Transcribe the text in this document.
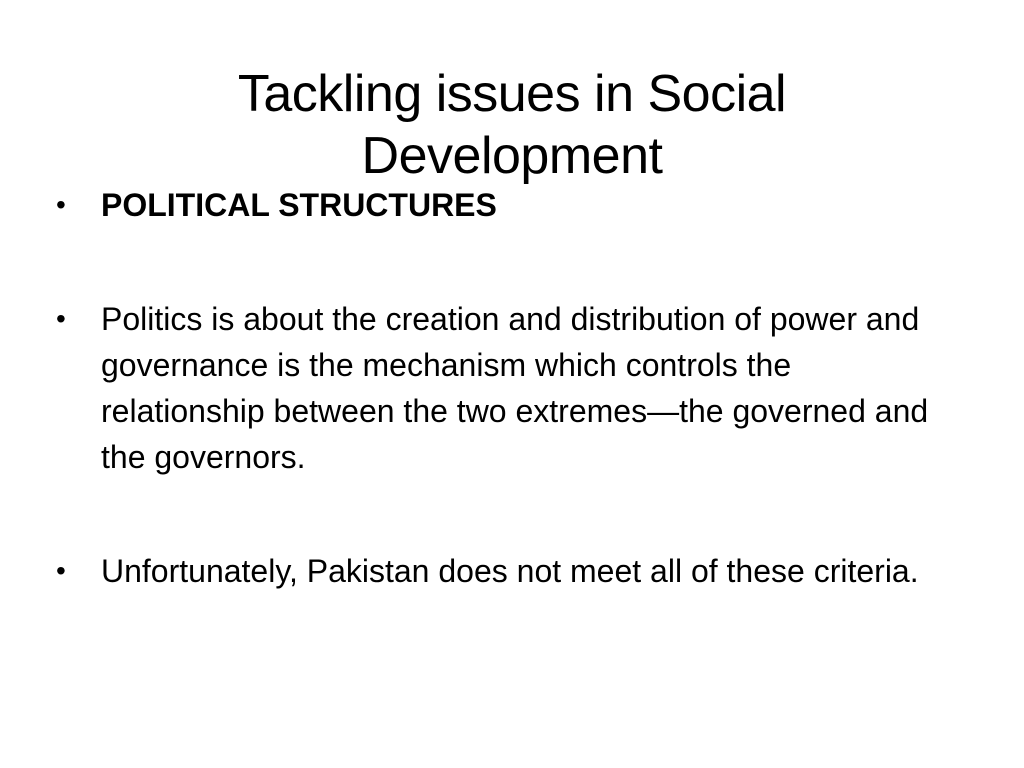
Tackling issues in Social
Development
• POLITICAL STRUCTURES
• Politics is about the creation and distribution of power and governance is the mechanism which controls the relationship between the two extremes—the governed and the governors.
• Unfortunately, Pakistan does not meet all of these criteria.
